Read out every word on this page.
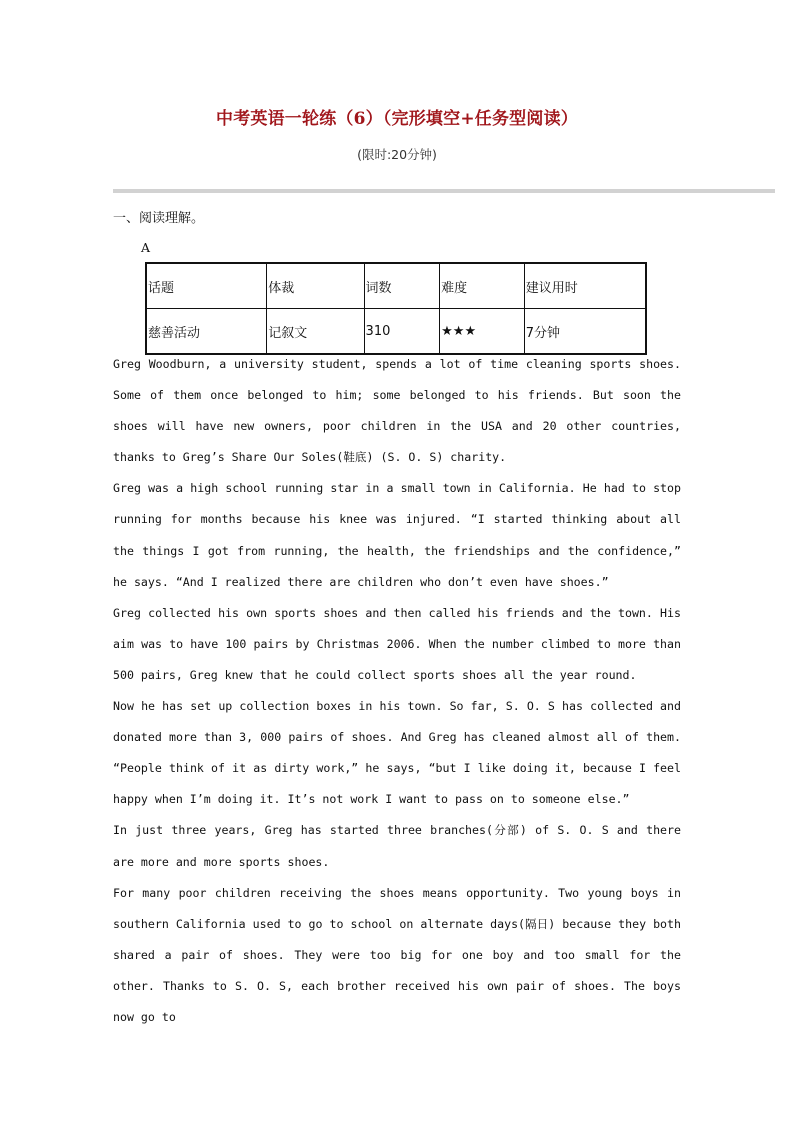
中考英语一轮练（6）（完形填空+任务型阅读）
(限时:20分钟)
一、阅读理解。
A
话题	体裁	词数	难度	建议用时
慈善活动	记叙文	310	★★★	7分钟

Greg Woodburn, a university student, spends a lot of time cleaning sports shoes. Some of them once belonged to him; some belonged to his friends. But soon the shoes will have new owners, poor children in the USA and 20 other countries, thanks to Greg’s Share Our Soles(鞋底) (S. O. S) charity.

Greg was a high school running star in a small town in California. He had to stop running for months because his knee was injured. “I started thinking about all the things I got from running, the health, the friendships and the confidence,” he says. “And I realized there are children who don’t even have shoes.”

Greg collected his own sports shoes and then called his friends and the town. His aim was to have 100 pairs by Christmas 2006. When the number climbed to more than 500 pairs, Greg knew that he could collect sports shoes all the year round.

Now he has set up collection boxes in his town. So far, S. O. S has collected and donated more than 3, 000 pairs of shoes. And Greg has cleaned almost all of them. “People think of it as dirty work,” he says, “but I like doing it, because I feel happy when I’m doing it. It’s not work I want to pass on to someone else.”

In just three years, Greg has started three branches(分部) of S. O. S and there are more and more sports shoes.

For many poor children receiving the shoes means opportunity. Two young boys in southern California used to go to school on alternate days(隔日) because they both shared a pair of shoes. They were too big for one boy and too small for the other. Thanks to S. O. S, each brother received his own pair of shoes. The boys now go to
